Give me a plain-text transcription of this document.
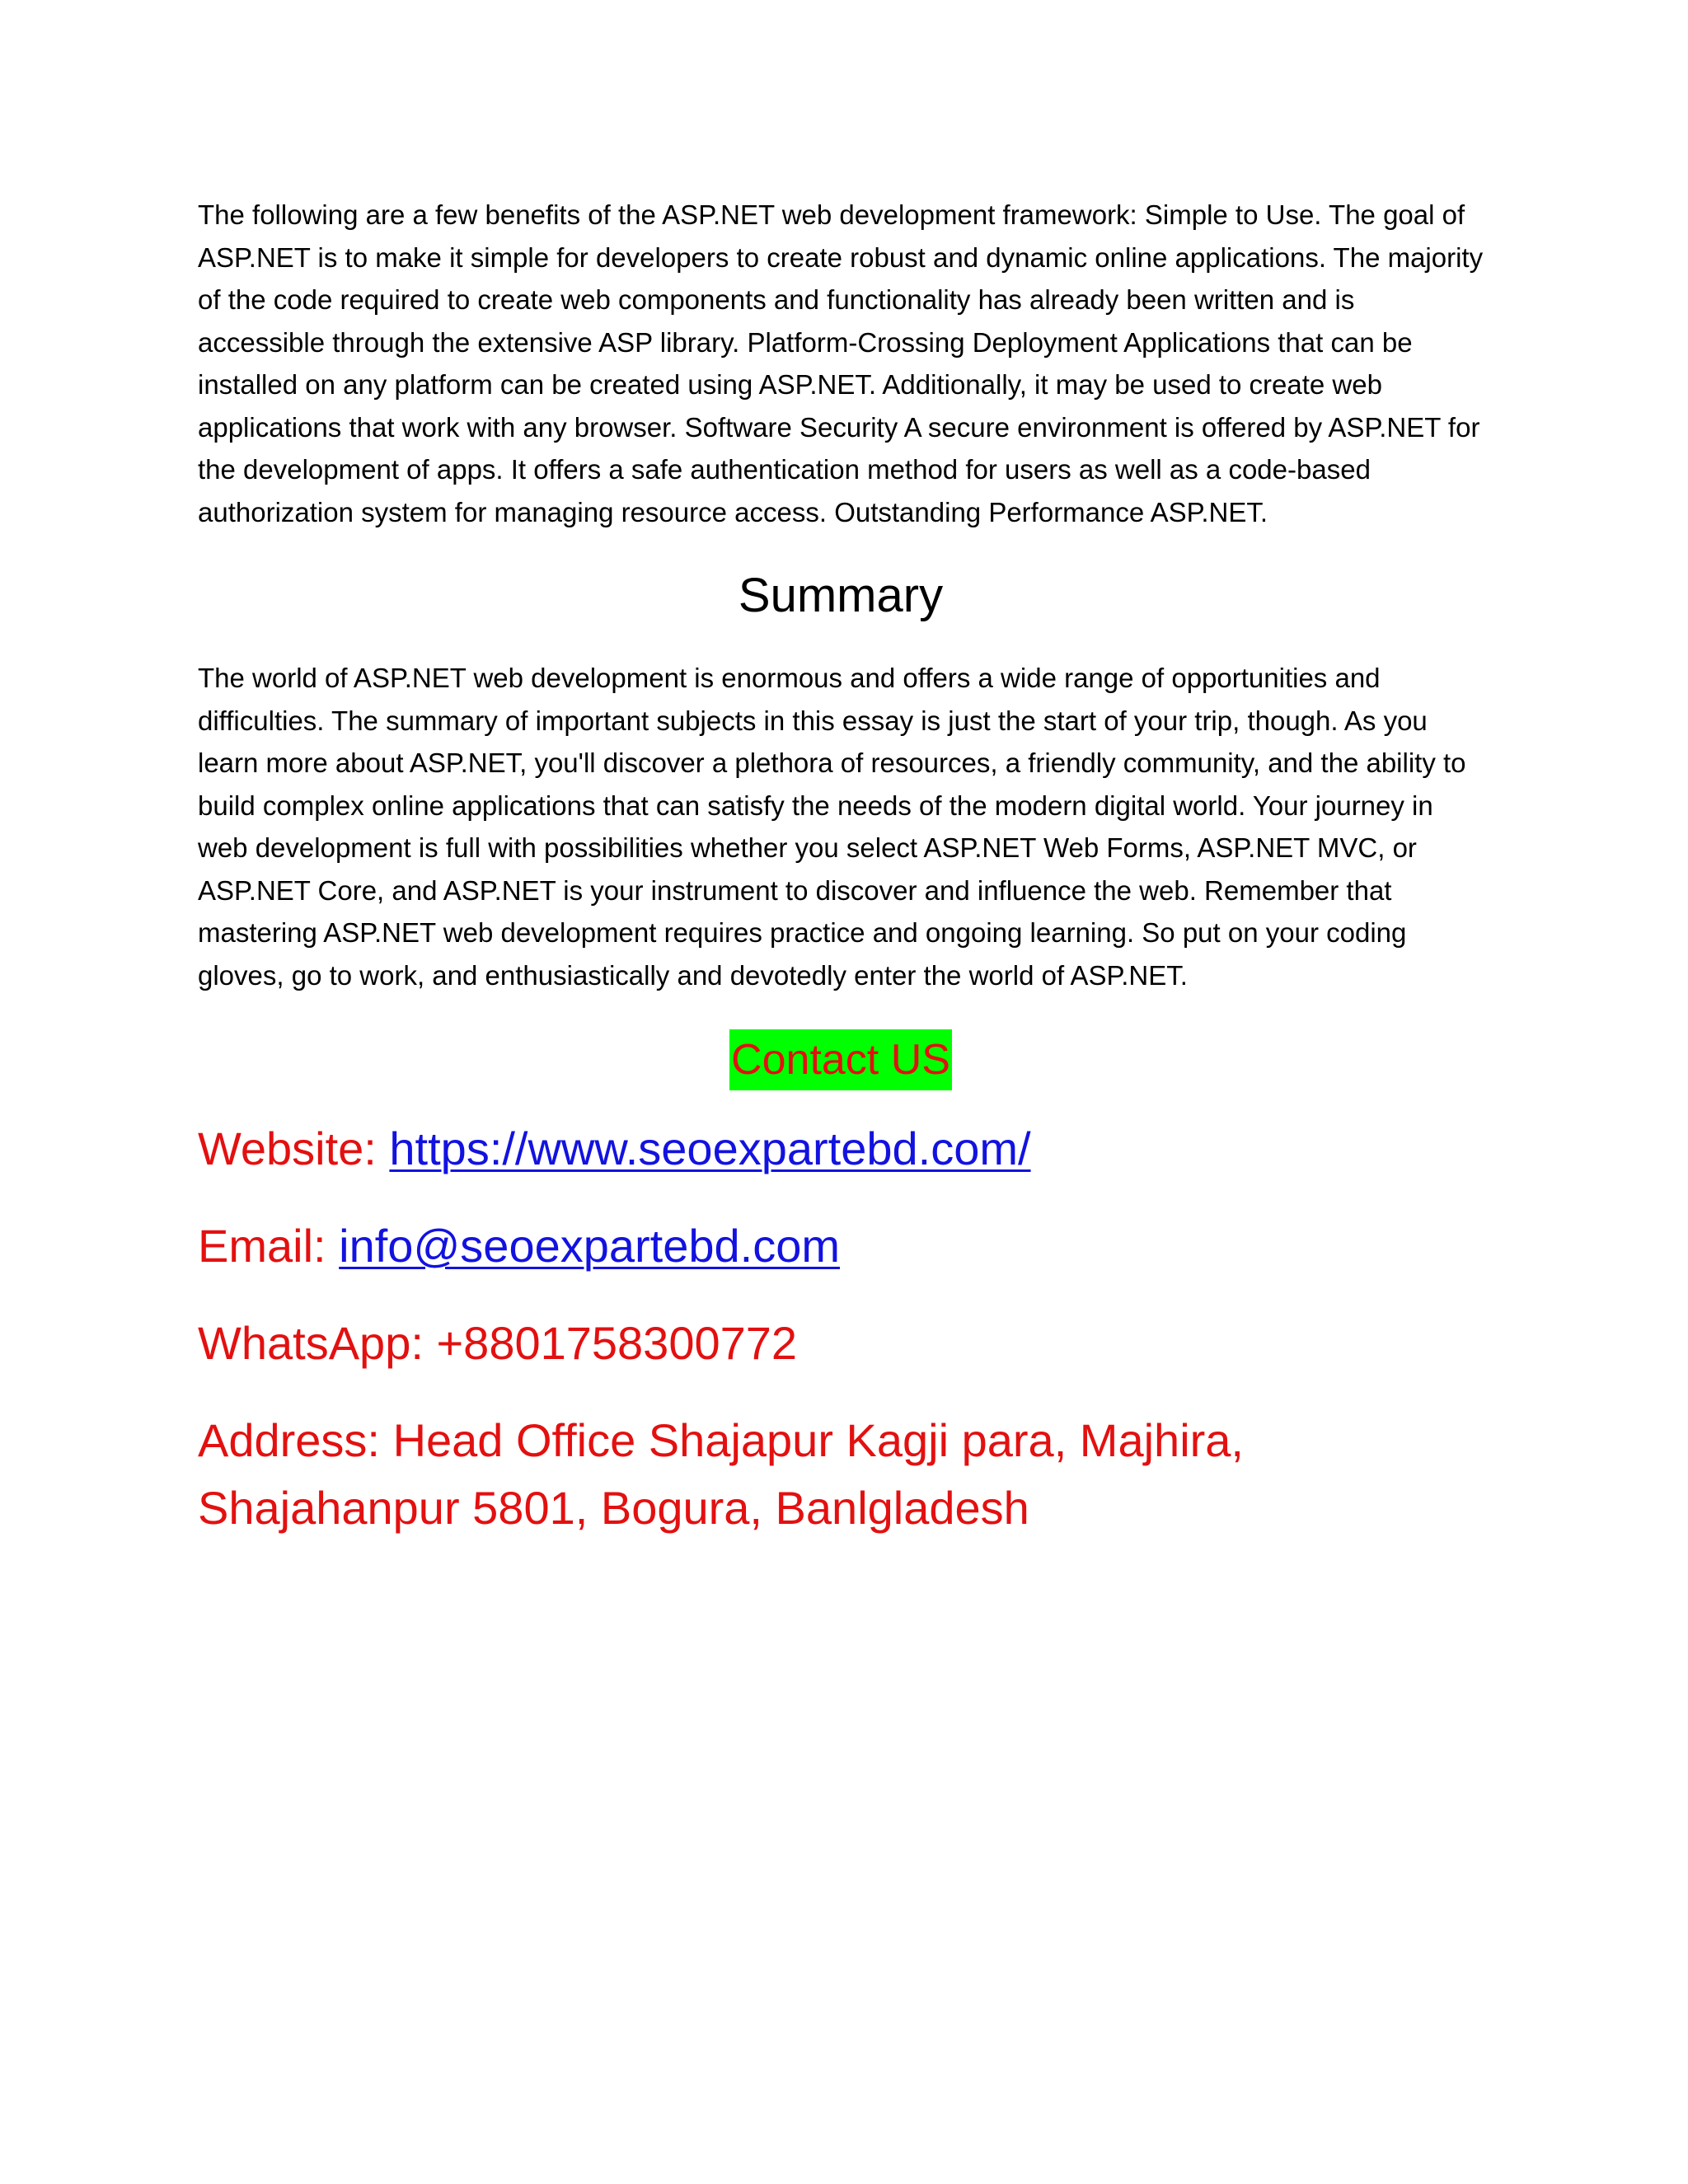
The following are a few benefits of the ASP.NET web development framework: Simple to Use. The goal of ASP.NET is to make it simple for developers to create robust and dynamic online applications. The majority of the code required to create web components and functionality has already been written and is accessible through the extensive ASP library. Platform-Crossing Deployment Applications that can be installed on any platform can be created using ASP.NET. Additionally, it may be used to create web applications that work with any browser. Software Security A secure environment is offered by ASP.NET for the development of apps. It offers a safe authentication method for users as well as a code-based authorization system for managing resource access. Outstanding Performance ASP.NET.

Summary

The world of ASP.NET web development is enormous and offers a wide range of opportunities and difficulties. The summary of important subjects in this essay is just the start of your trip, though. As you learn more about ASP.NET, you'll discover a plethora of resources, a friendly community, and the ability to build complex online applications that can satisfy the needs of the modern digital world. Your journey in web development is full with possibilities whether you select ASP.NET Web Forms, ASP.NET MVC, or ASP.NET Core, and ASP.NET is your instrument to discover and influence the web. Remember that mastering ASP.NET web development requires practice and ongoing learning. So put on your coding gloves, go to work, and enthusiastically and devotedly enter the world of ASP.NET.

Contact US

Website: https://www.seoexpartebd.com/

Email: info@seoexpartebd.com

WhatsApp: +8801758300772

Address: Head Office Shajapur Kagji para, Majhira, Shajahanpur 5801, Bogura, Banlgladesh
